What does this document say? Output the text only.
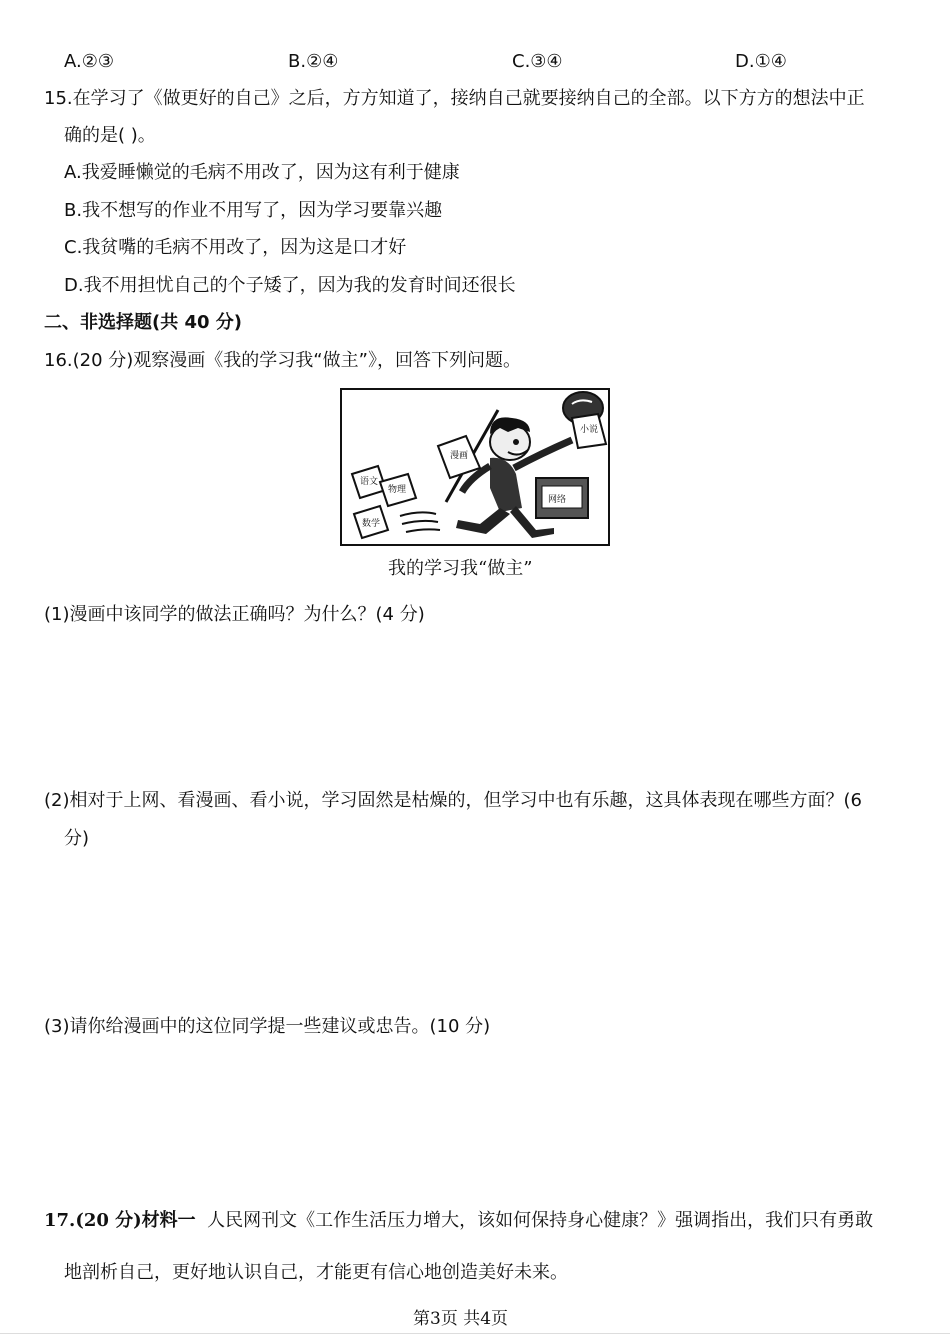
A.②③	B.②④	C.③④	D.①④
15.在学习了《做更好的自己》之后，方方知道了，接纳自己就要接纳自己的全部。以下方方的想法中正
确的是( )。
A.我爱睡懒觉的毛病不用改了，因为这有利于健康
B.我不想写的作业不用写了，因为学习要靠兴趣
C.我贫嘴的毛病不用改了，因为这是口才好
D.我不用担忧自己的个子矮了，因为我的发育时间还很长
二、非选择题(共 40 分)
16.(20 分)观察漫画《我的学习我“做主”》，回答下列问题。
漫画
小说
网络
语文
物理
数学
我的学习我“做主”
(1)漫画中该同学的做法正确吗？为什么？(4 分)
(2)相对于上网、看漫画、看小说，学习固然是枯燥的，但学习中也有乐趣，这具体表现在哪些方面？(6
分)
(3)请你给漫画中的这位同学提一些建议或忠告。(10 分)
17.(20 分)材料一 人民网刊文《工作生活压力增大，该如何保持身心健康？》强调指出，我们只有勇敢
地剖析自己，更好地认识自己，才能更有信心地创造美好未来。
第3页 共4页
